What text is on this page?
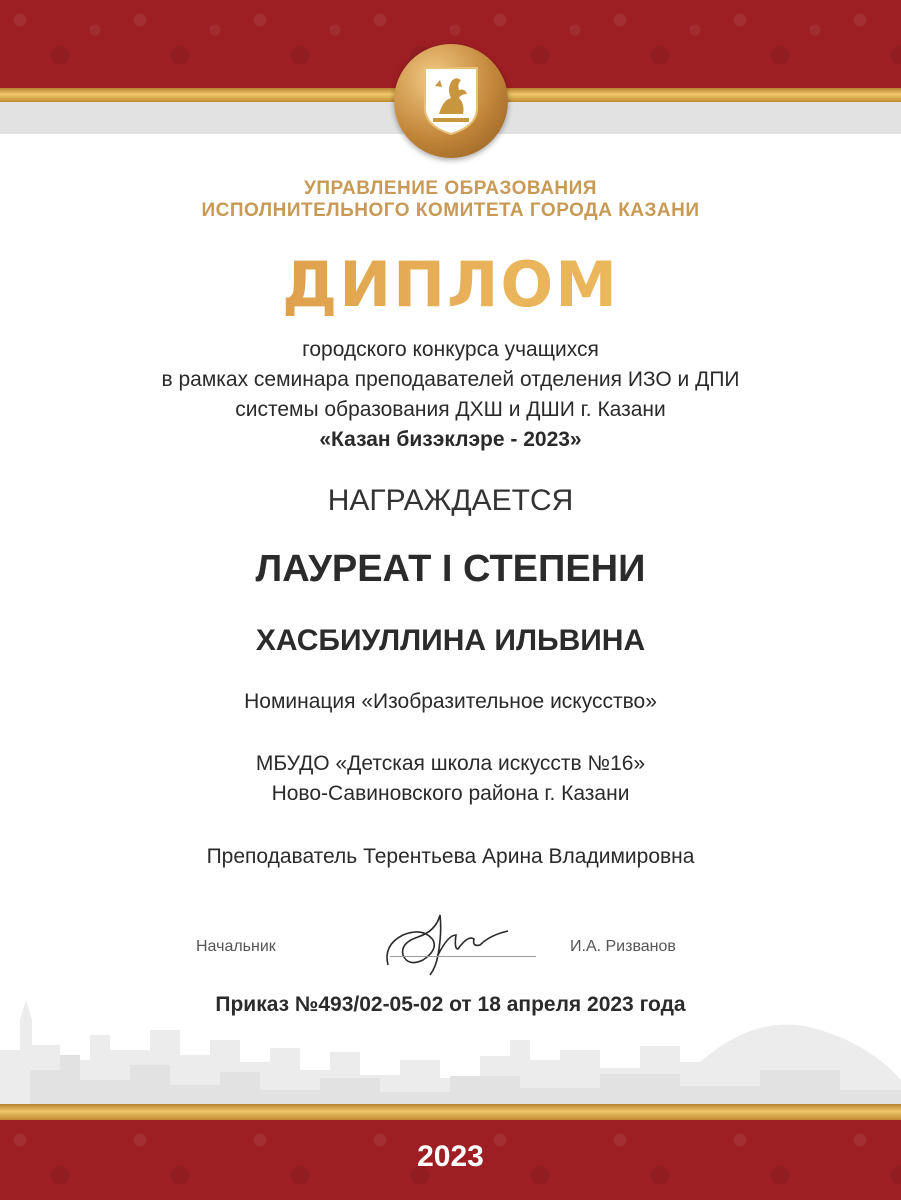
УПРАВЛЕНИЕ ОБРАЗОВАНИЯ
ИСПОЛНИТЕЛЬНОГО КОМИТЕТА ГОРОДА КАЗАНИ
ДИПЛОМ
городского конкурса учащихся
в рамках семинара преподавателей отделения ИЗО и ДПИ
системы образования ДХШ и ДШИ г. Казани
«Казан бизэклэре - 2023»
НАГРАЖДАЕТСЯ
ЛАУРЕАТ I СТЕПЕНИ
ХАСБИУЛЛИНА ИЛЬВИНА
Номинация «Изобразительное искусство»
МБУДО «Детская школа искусств №16»
Ново-Савиновского района г. Казани
Преподаватель Терентьева Арина Владимировна
Начальник	И.А. Ризванов
Приказ №493/02-05-02 от 18 апреля 2023 года
2023
